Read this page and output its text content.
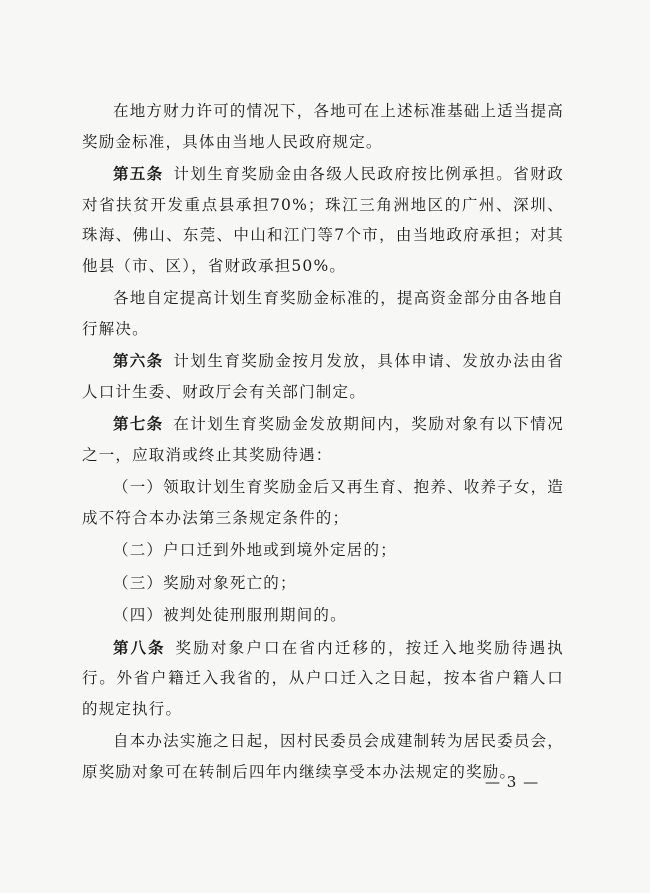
在地方财力许可的情况下，各地可在上述标准基础上适当提高奖励金标准，具体由当地人民政府规定。

第五条 计划生育奖励金由各级人民政府按比例承担。省财政对省扶贫开发重点县承担70%；珠江三角洲地区的广州、深圳、珠海、佛山、东莞、中山和江门等7个市，由当地政府承担；对其他县（市、区），省财政承担50%。

各地自定提高计划生育奖励金标准的，提高资金部分由各地自行解决。

第六条 计划生育奖励金按月发放，具体申请、发放办法由省人口计生委、财政厅会有关部门制定。

第七条 在计划生育奖励金发放期间内，奖励对象有以下情况之一，应取消或终止其奖励待遇：

（一）领取计划生育奖励金后又再生育、抱养、收养子女，造成不符合本办法第三条规定条件的；

（二）户口迁到外地或到境外定居的；

（三）奖励对象死亡的；

（四）被判处徒刑服刑期间的。

第八条 奖励对象户口在省内迁移的，按迁入地奖励待遇执行。外省户籍迁入我省的，从户口迁入之日起，按本省户籍人口的规定执行。

自本办法实施之日起，因村民委员会成建制转为居民委员会，原奖励对象可在转制后四年内继续享受本办法规定的奖励。

— 3 —
